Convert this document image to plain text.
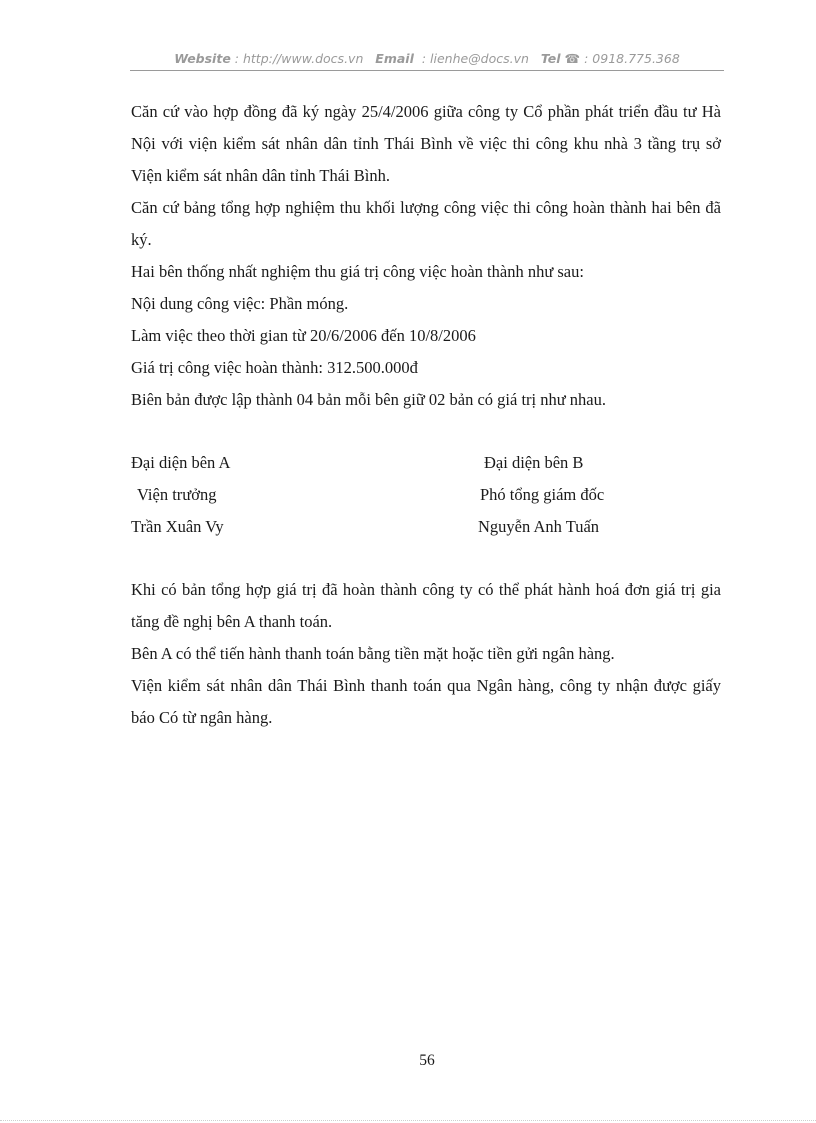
Website : http://www.docs.vn Email : lienhe@docs.vn Tel ☎ : 0918.775.368
Căn cứ vào hợp đồng đã ký ngày 25/4/2006 giữa công ty Cổ phần phát triển đầu tư Hà Nội với viện kiểm sát nhân dân tỉnh Thái Bình về việc thi công khu nhà 3 tầng trụ sở Viện kiểm sát nhân dân tỉnh Thái Bình.
Căn cứ bảng tổng hợp nghiệm thu khối lượng công việc thi công hoàn thành hai bên đã ký.
Hai bên thống nhất nghiệm thu giá trị công việc hoàn thành như sau:
Nội dung công việc: Phần móng.
Làm việc theo thời gian từ 20/6/2006 đến 10/8/2006
Giá trị công việc hoàn thành: 312.500.000đ
Biên bản được lập thành 04 bản mỗi bên giữ 02 bản có giá trị như nhau.
Đại diện bên A
Viện trưởng
Trần Xuân Vy
Đại diện bên B
Phó tổng giám đốc
Nguyễn Anh Tuấn
Khi có bản tổng hợp giá trị đã hoàn thành công ty có thể phát hành hoá đơn giá trị gia tăng đề nghị bên A thanh toán.
Bên A có thể tiến hành thanh toán bằng tiền mặt hoặc tiền gửi ngân hàng.
Viện kiểm sát nhân dân Thái Bình thanh toán qua Ngân hàng, công ty nhận được giấy báo Có từ ngân hàng.
56
